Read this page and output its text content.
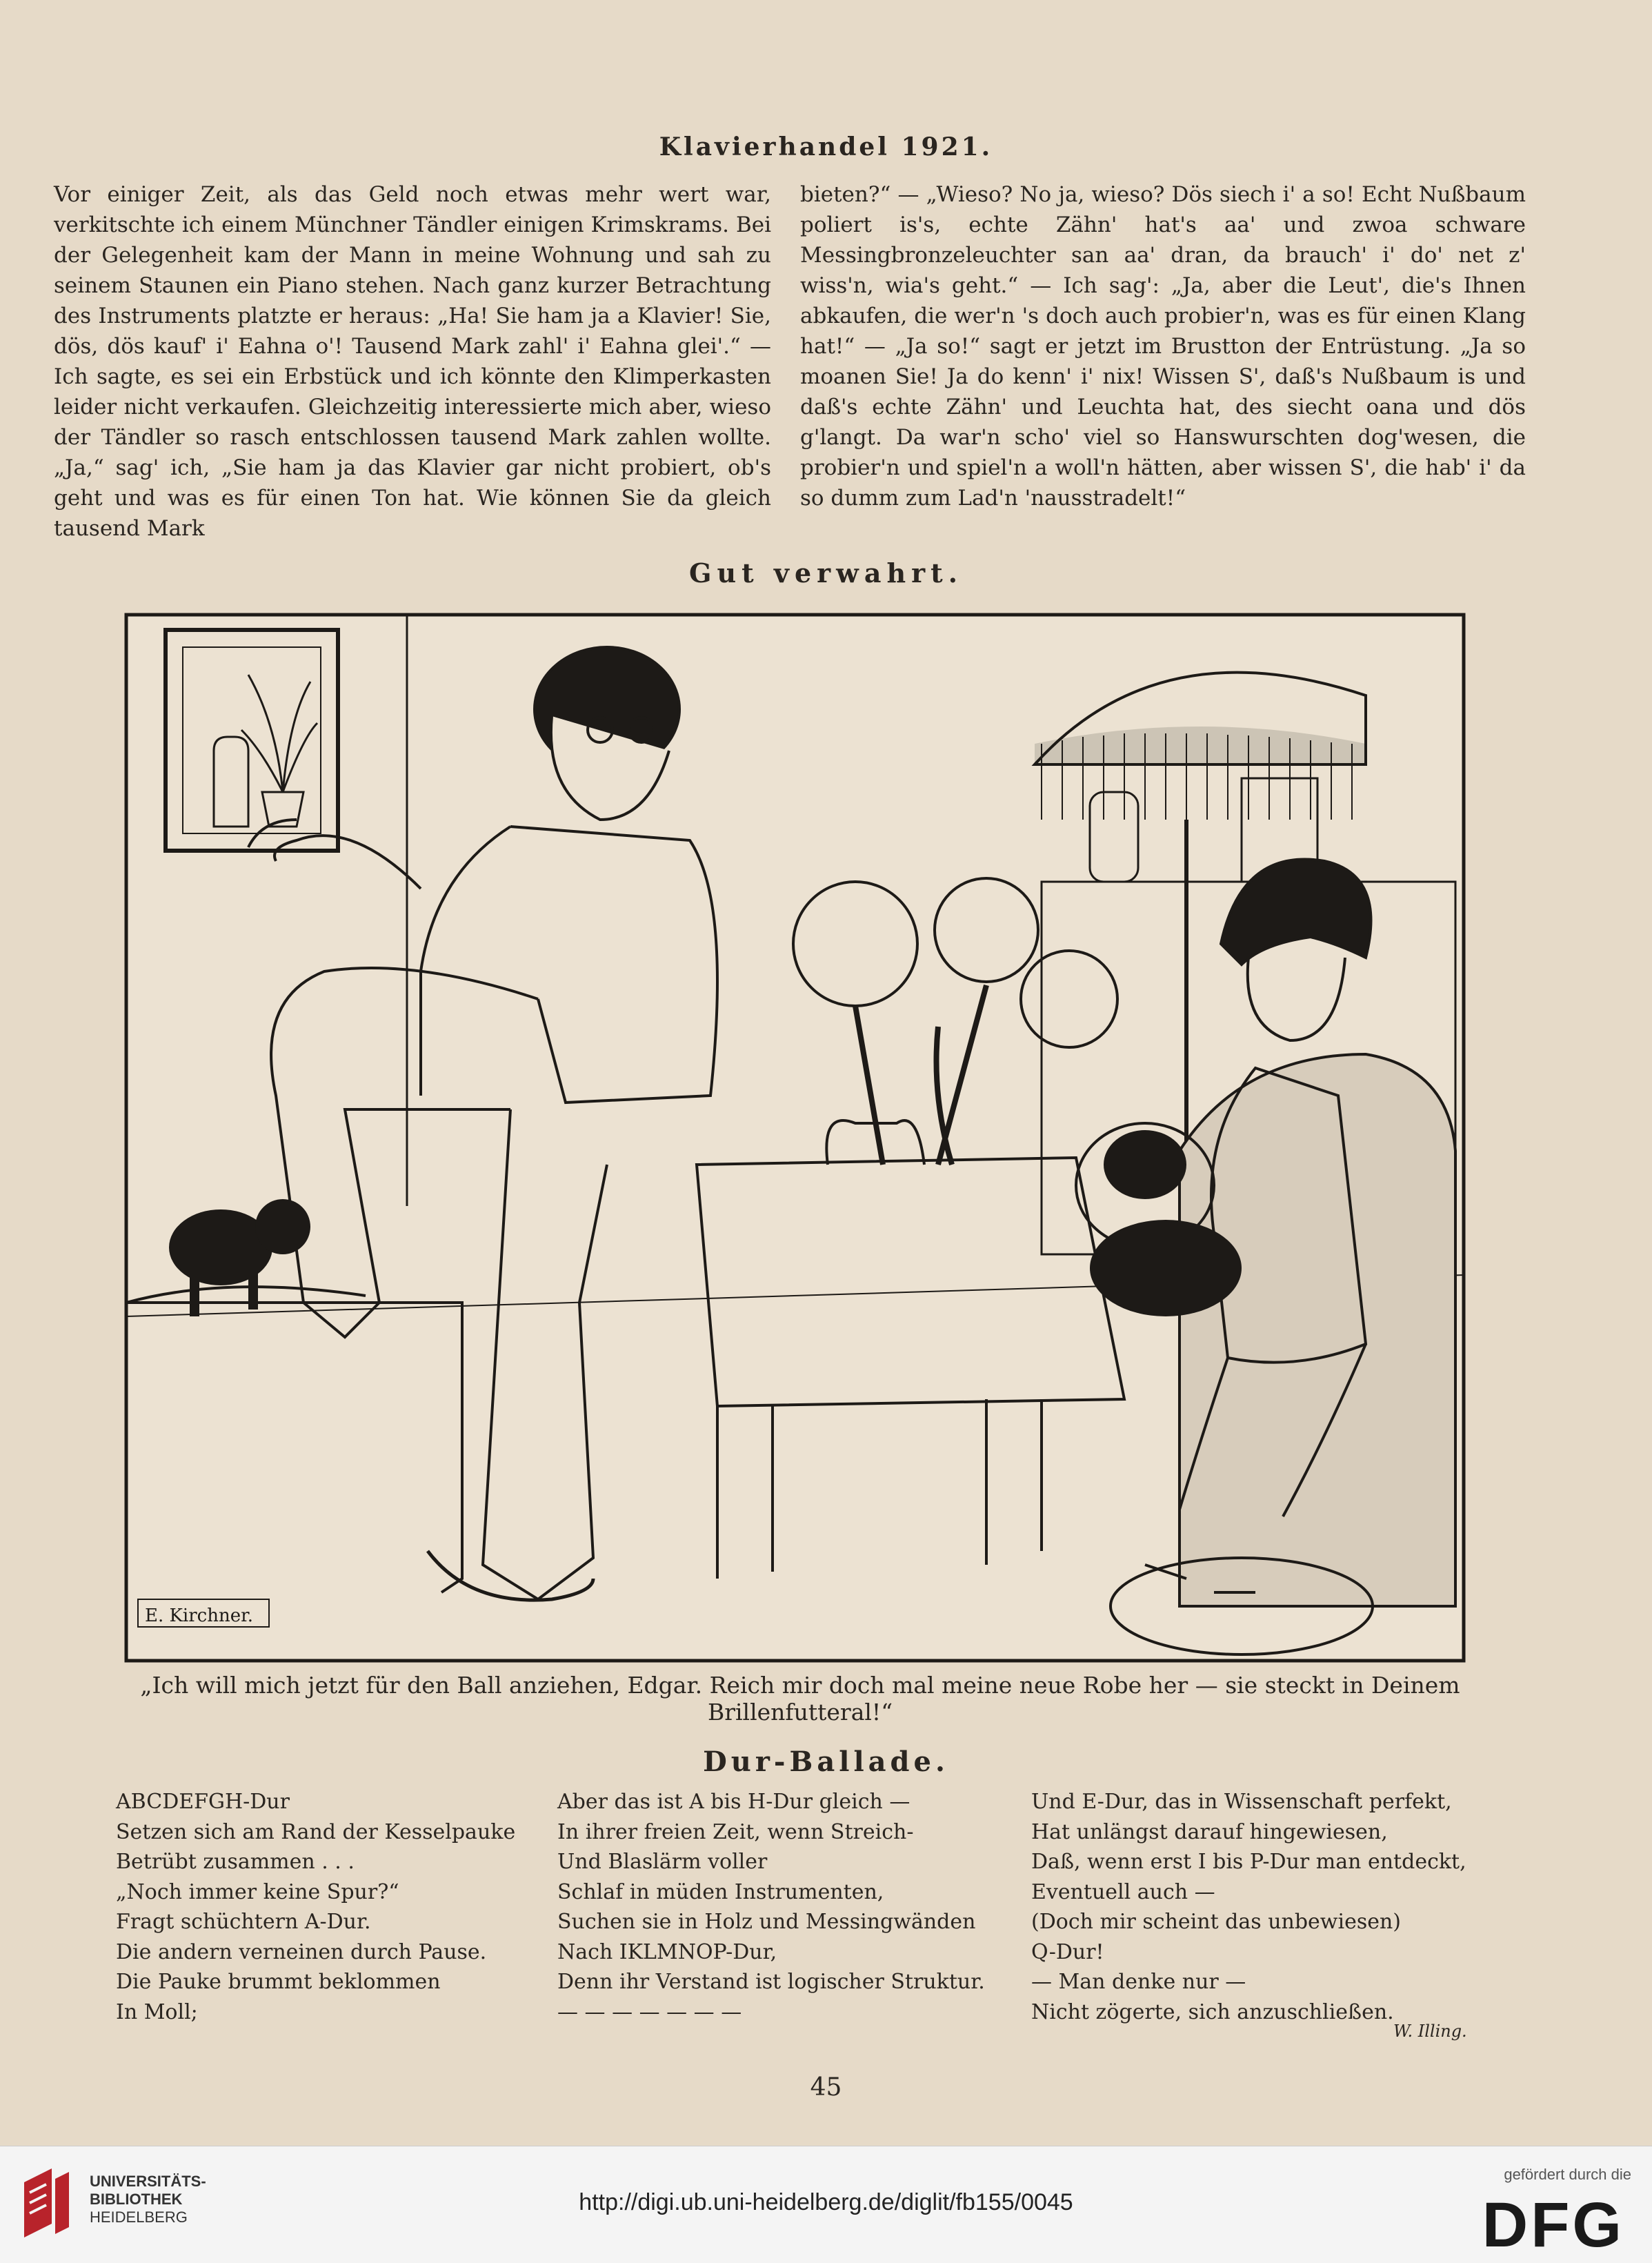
Klavierhandel 1921.

Vor einiger Zeit, als das Geld noch etwas mehr wert war, verkitschte ich einem Münchner Tändler einigen Krimskrams. Bei der Gelegenheit kam der Mann in meine Wohnung und sah zu seinem Staunen ein Piano stehen. Nach ganz kurzer Betrachtung des Instruments platzte er heraus: „Ha! Sie ham ja a Klavier! Sie, dös, dös kauf' i' Eahna o'! Tausend Mark zahl' i' Eahna glei'.“ — Ich sagte, es sei ein Erbstück und ich könnte den Klimperkasten leider nicht verkaufen. Gleichzeitig interessierte mich aber, wieso der Tändler so rasch entschlossen tausend Mark zahlen wollte. „Ja,“ sag' ich, „Sie ham ja das Klavier gar nicht probiert, ob's geht und was es für einen Ton hat. Wie können Sie da gleich tausend Mark

bieten?“ — „Wieso? No ja, wieso? Dös siech i' a so! Echt Nußbaum poliert is's, echte Zähn' hat's aa' und zwoa schware Messingbronzeleuchter san aa' dran, da brauch' i' do' net z' wiss'n, wia's geht.“ — Ich sag': „Ja, aber die Leut', die's Ihnen abkaufen, die wer'n 's doch auch probier'n, was es für einen Klang hat!“ — „Ja so!“ sagt er jetzt im Brustton der Entrüstung. „Ja so moanen Sie! Ja do kenn' i' nix! Wissen S', daß's Nußbaum is und daß's echte Zähn' und Leuchta hat, des siecht oana und dös g'langt. Da war'n scho' viel so Hanswurschten dog'wesen, die probier'n und spiel'n a woll'n hätten, aber wissen S', die hab' i' da so dumm zum Lad'n 'nausstradelt!“

Gut verwahrt.
E. Kirchner.
„Ich will mich jetzt für den Ball anziehen, Edgar. Reich mir doch mal meine neue Robe her — sie steckt in Deinem Brillenfutteral!“
Dur-Ballade.
ABCDEFGH-Dur
Setzen sich am Rand der Kesselpauke
Betrübt zusammen . . .
„Noch immer keine Spur?“
Fragt schüchtern A-Dur.
Die andern verneinen durch Pause.
Die Pauke brummt beklommen
In Moll;
Aber das ist A bis H-Dur gleich —
In ihrer freien Zeit, wenn Streich-
Und Blaslärm voller
Schlaf in müden Instrumenten,
Suchen sie in Holz und Messingwänden
Nach IKLMNOP-Dur,
Denn ihr Verstand ist logischer Struktur.
— — — — — — —
Und E-Dur, das in Wissenschaft perfekt,
Hat unlängst darauf hingewiesen,
Daß, wenn erst I bis P-Dur man entdeckt,
Eventuell auch —
(Doch mir scheint das unbewiesen)
Q-Dur!
— Man denke nur —
Nicht zögerte, sich anzuschließen.
W. Illing.
45
UNIVERSITÄTS-
BIBLIOTHEK
HEIDELBERG
http://digi.ub.uni-heidelberg.de/diglit/fb155/0045
gefördert durch die
DFG
